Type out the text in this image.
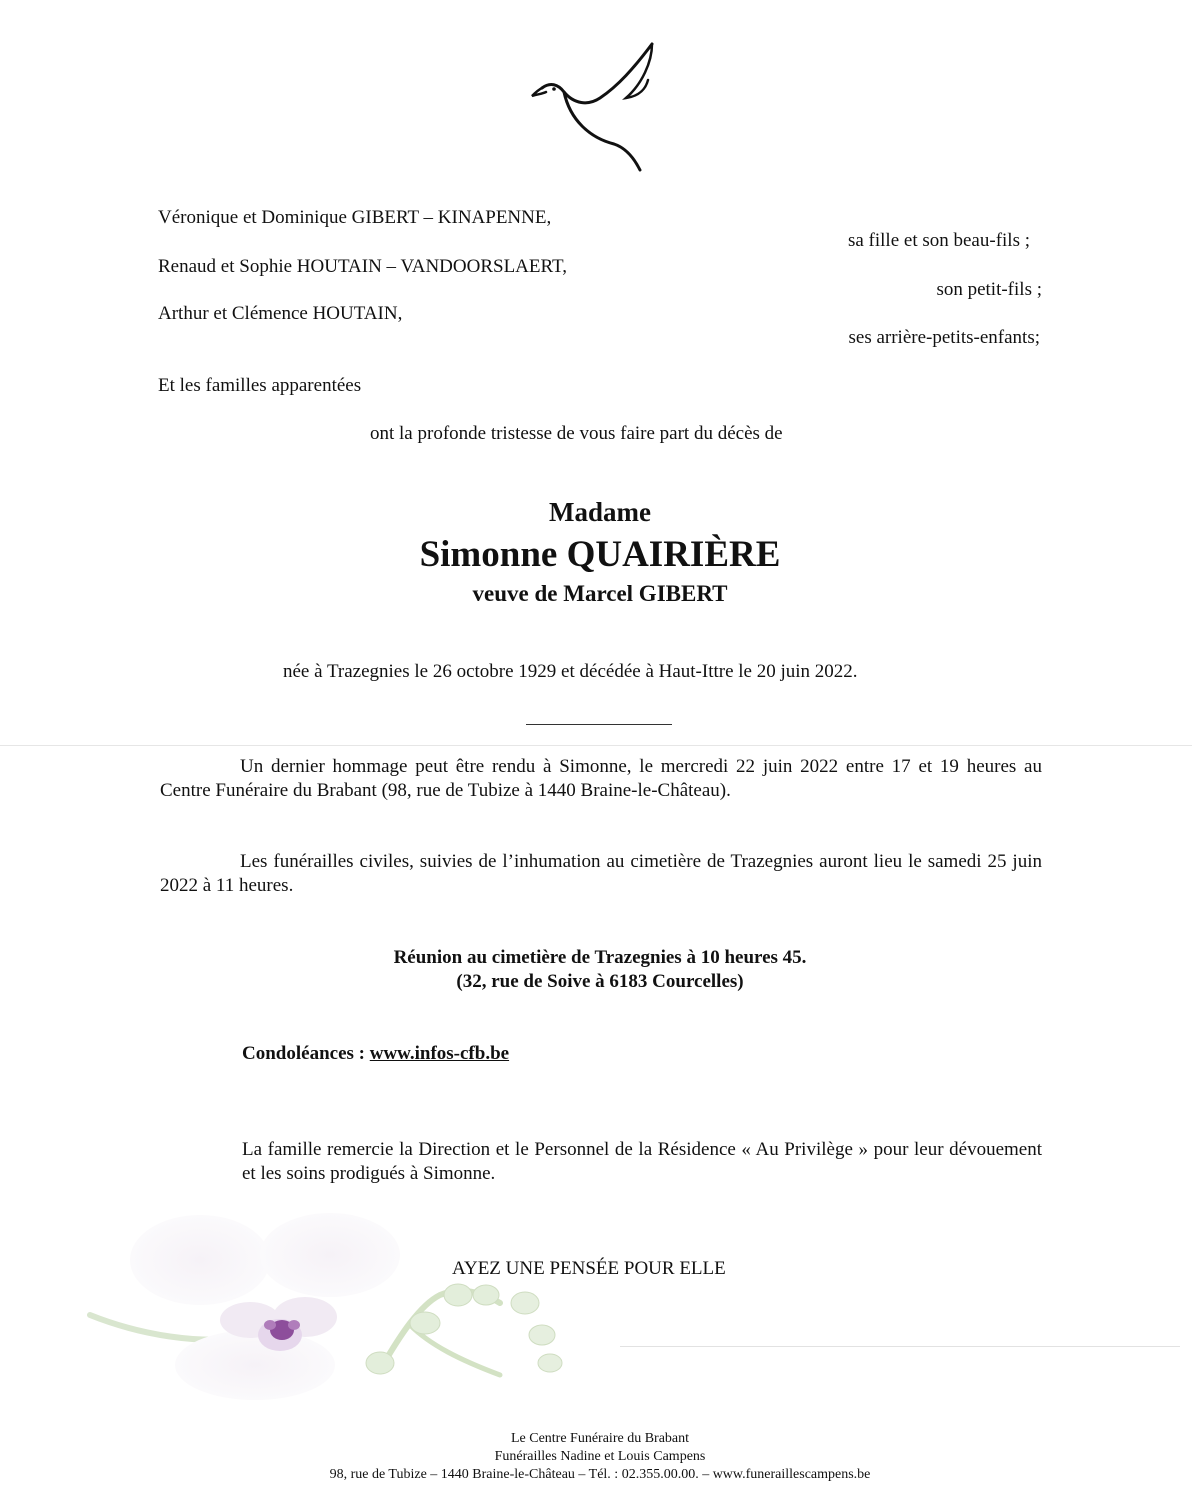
Véronique et Dominique GIBERT – KINAPENNE,
sa fille et son beau-fils ;
Renaud et Sophie HOUTAIN – VANDOORSLAERT,
son petit-fils ;
Arthur et Clémence HOUTAIN,
ses arrière-petits-enfants;
Et les familles apparentées
ont la profonde tristesse de vous faire part du décès de
Madame
Simonne QUAIRIÈRE
veuve de Marcel GIBERT
née à Trazegnies le 26 octobre 1929 et décédée à Haut-Ittre le 20 juin 2022.
Un dernier hommage peut être rendu à Simonne, le mercredi 22 juin 2022 entre 17 et 19 heures au Centre Funéraire du Brabant (98, rue de Tubize à 1440 Braine-le-Château).
Les funérailles civiles, suivies de l’inhumation au cimetière de Trazegnies auront lieu le samedi 25 juin 2022 à 11 heures.
Réunion au cimetière de Trazegnies à 10 heures 45.
(32, rue de Soive à 6183 Courcelles)
Condoléances : www.infos-cfb.be
La famille remercie la Direction et le Personnel de la Résidence « Au Privilège » pour leur dévouement et les soins prodigués à Simonne.
AYEZ UNE PENSÉE POUR ELLE
Le Centre Funéraire du Brabant
Funérailles Nadine et Louis Campens
98, rue de Tubize – 1440 Braine-le-Château – Tél. : 02.355.00.00. – www.funeraillescampens.be
